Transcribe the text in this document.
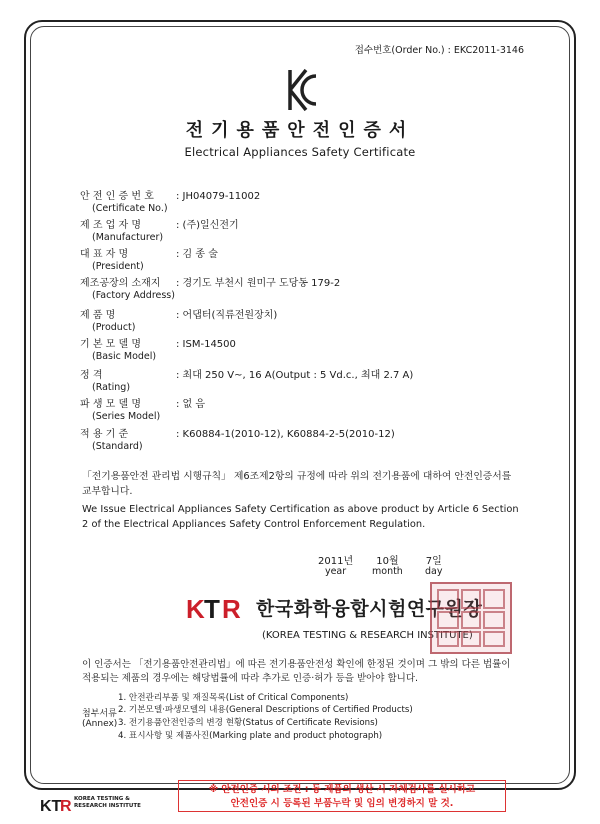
접수번호(Order No.) : EKC2011-3146
전기용품안전인증서
Electrical Appliances Safety Certificate
안 전 인 증 번 호 : JH04079-11002
(Certificate No.)
제 조 업 자 명	: (주)일신전기
(Manufacturer)
대 표 자 명	: 김 종 술
(President)
제조공장의 소재지 : 경기도 부천시 원미구 도당동 179-2
(Factory Address)
제 품 명	: 어댑터(직류전원장치)
(Product)
기 본 모 델 명	: ISM-14500
(Basic Model)
정 격	: 최대 250 V~, 16 A(Output : 5 Vd.c., 최대 2.7 A)
(Rating)
파 생 모 델 명	: 없 음
(Series Model)
적 용 기 준	: K60884-1(2010-12), K60884-2-5(2010-12)
(Standard)
「전기용품안전 관리법 시행규칙」 제6조제2항의 규정에 따라 위의 전기용품에 대하여 안전인증서를 교부합니다.
We Issue Electrical Appliances Safety Certification as above product by Article 6 Section 2 of the Electrical Appliances Safety Control Enforcement Regulation.
2011년
year
10월
month
7일
day
K T R 한국화학융합시험연구원장
(KOREA TESTING & RESEARCH INSTITUTE)
이 인증서는 「전기용품안전관리법」에 따른 전기용품안전성 확인에 한정된 것이며 그 밖의 다른 법률이 적용되는 제품의 경우에는 해당법률에 따라 추가로 인증·허가 등을 받아야 합니다.
첨부서류
(Annex)
1. 안전관리부품 및 재질목록(List of Critical Components)
2. 기본모델·파생모델의 내용(General Descriptions of Certified Products)
3. 전기용품안전인증의 변경 현황(Status of Certificate Revisions)
4. 표시사항 및 제품사진(Marking plate and product photograph)
※ 안전인증 시의 조건 : 동 제품의 생산 시 자체검사를 실시하고
안전인증 시 등록된 부품누락 및 임의 변경하지 말 것.
KT
R KOREA TESTING & RESEARCH INSTITUTE
